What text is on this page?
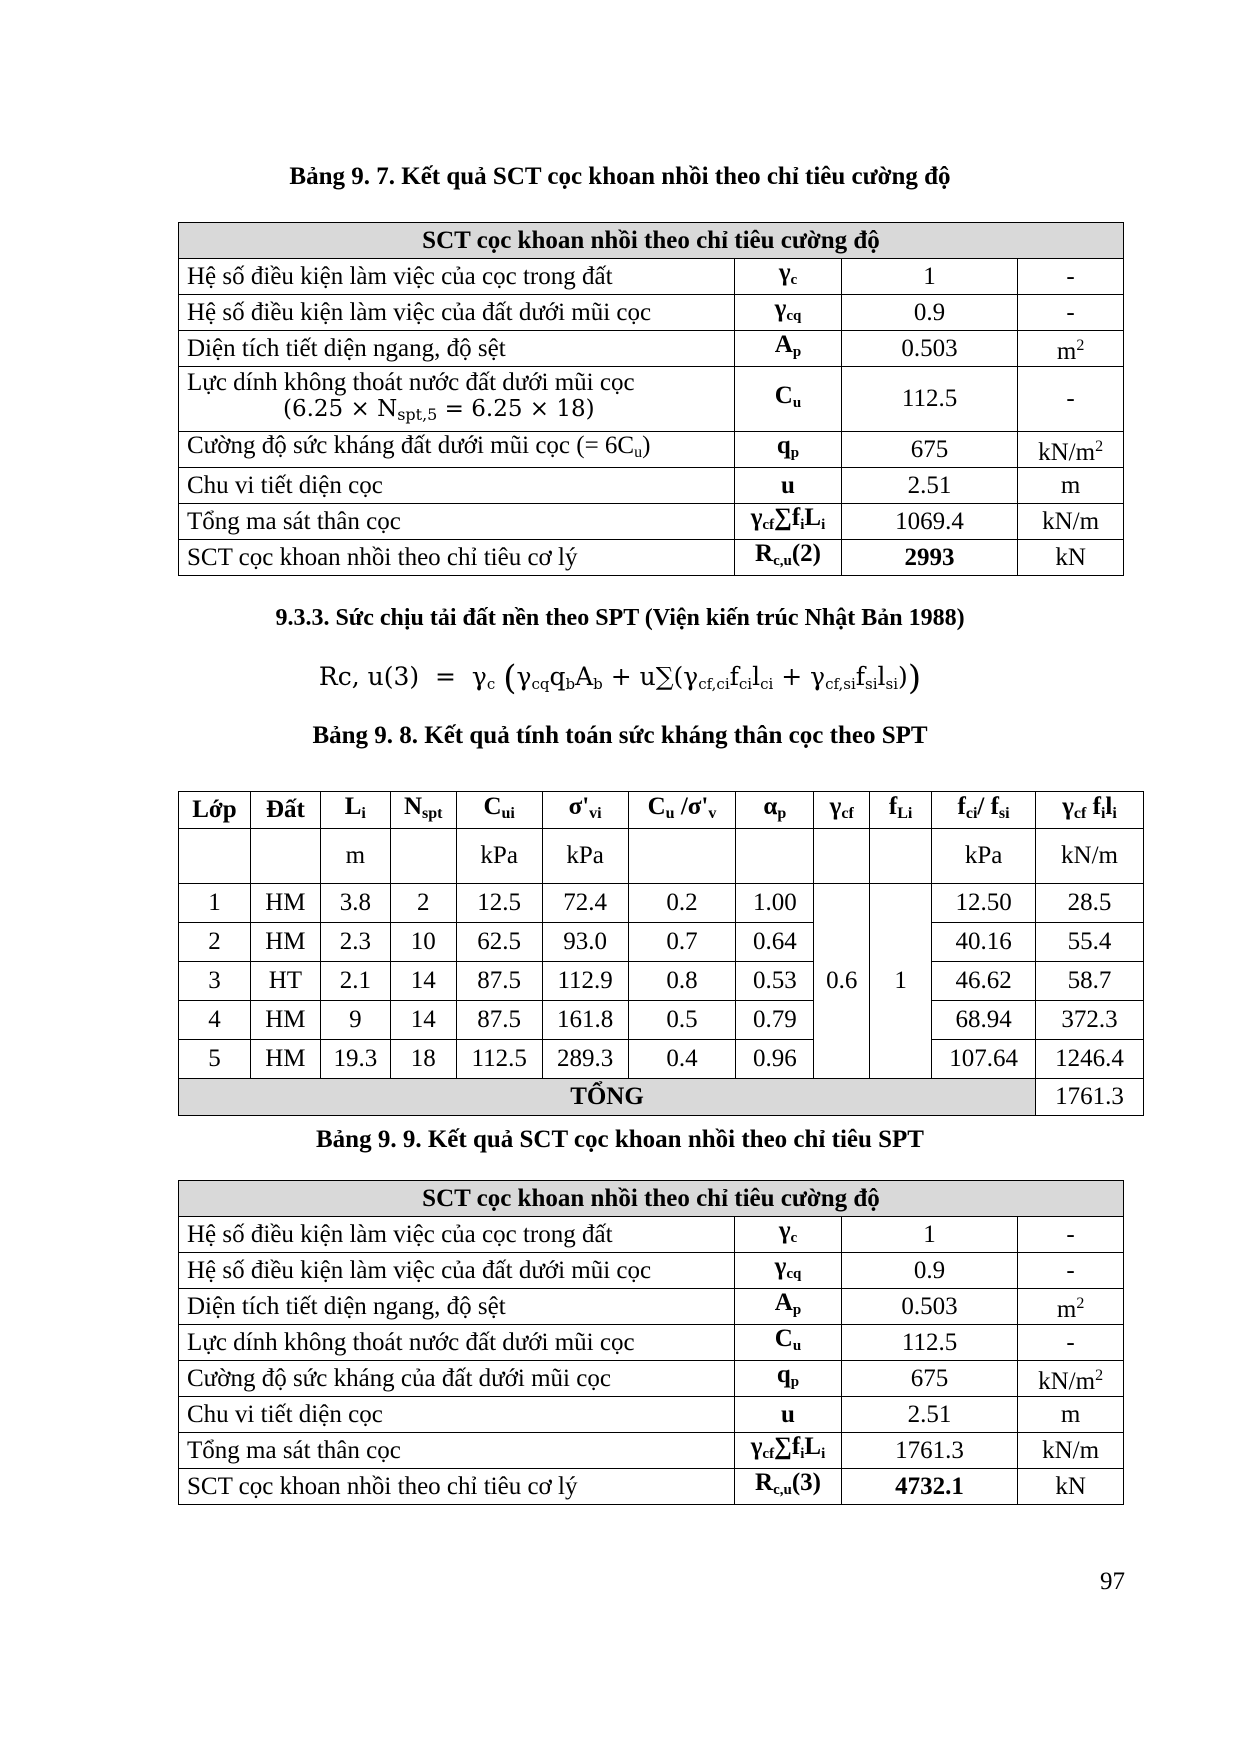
Bảng 9. 7. Kết quả SCT cọc khoan nhồi theo chỉ tiêu cường độ
SCT cọc khoan nhồi theo chỉ tiêu cường độ			
Hệ số điều kiện làm việc của cọc trong đất	$\gamma_c$	1	-
Hệ số điều kiện làm việc của đất dưới mũi cọc	$\gamma_{cq}$	0.9	-
Diện tích tiết diện ngang, độ sệt	$A_p$	0.503	$m^2$
Lực dính không thoát nước đất dưới mũi cọc
$(6.25 \times N_{spt,5} = 6.25 \times 18)$	$C_u$	112.5	-
Cường độ sức kháng đất dưới mũi cọc (= $6C_u$)	$q_p$	675	$kN/m^2$
Chu vi tiết diện cọc	u	2.51	m
Tổng ma sát thân cọc	$\gamma_{cf}\sum f_iL_i$	1069.4	kN/m
SCT cọc khoan nhồi theo chỉ tiêu cơ lý	$R_{c,u}(2)$	2993	kN
9.3.3. Sức chịu tải đất nền theo SPT (Viện kiến trúc Nhật Bản 1988)
Rc, $u(3) = \gamma_c$ $(\gamma_{cq}q_bA_b + u\sum(\gamma_{cf,ci}f_{ci}l_{ci} + \gamma_{cf,si}f_{si}l_{si}))$
Bảng 9. 8. Kết quả tính toán sức kháng thân cọc theo SPT
Lớp	Đất	$L_i$	$N_{spt}$	$C_{ui}$	$\sigma'_{vi}$	$C_u$ $/\sigma'_v$	$\alpha_p$	$\gamma_{cf}$	$f_{Li}$	$f_{ci}/$ $f_{si}$	$\gamma_{cf}$ $f_il_i$
		m		kPa	kPa					kPa	kN/m
1	HM	3.8	2	12.5	72.4	0.2	1.00	0.6	1	12.50	28.5
2	HM	2.3	10	62.5	93.0	0.7	0.64			40.16	55.4
3	HT	2.1	14	87.5	112.9	0.8	0.53			46.62	58.7
4	HM	9	14	87.5	161.8	0.5	0.79			68.94	372.3
5	HM	19.3	18	112.5	289.3	0.4	0.96			107.64	1246.4
TỔNG											1761.3
Bảng 9. 9. Kết quả SCT cọc khoan nhồi theo chỉ tiêu SPT
SCT cọc khoan nhồi theo chỉ tiêu cường độ			
Hệ số điều kiện làm việc của cọc trong đất	$\gamma_c$	1	-
Hệ số điều kiện làm việc của đất dưới mũi cọc	$\gamma_{cq}$	0.9	-
Diện tích tiết diện ngang, độ sệt	$A_p$	0.503	$m^2$
Lực dính không thoát nước đất dưới mũi cọc	$C_u$	112.5	-
Cường độ sức kháng của đất dưới mũi cọc	$q_p$	675	$kN/m^2$
Chu vi tiết diện cọc	u	2.51	m
Tổng ma sát thân cọc	$\gamma_{cf}\sum f_iL_i$	1761.3	kN/m
SCT cọc khoan nhồi theo chỉ tiêu cơ lý	$R_{c,u}(3)$	4732.1	kN
97
